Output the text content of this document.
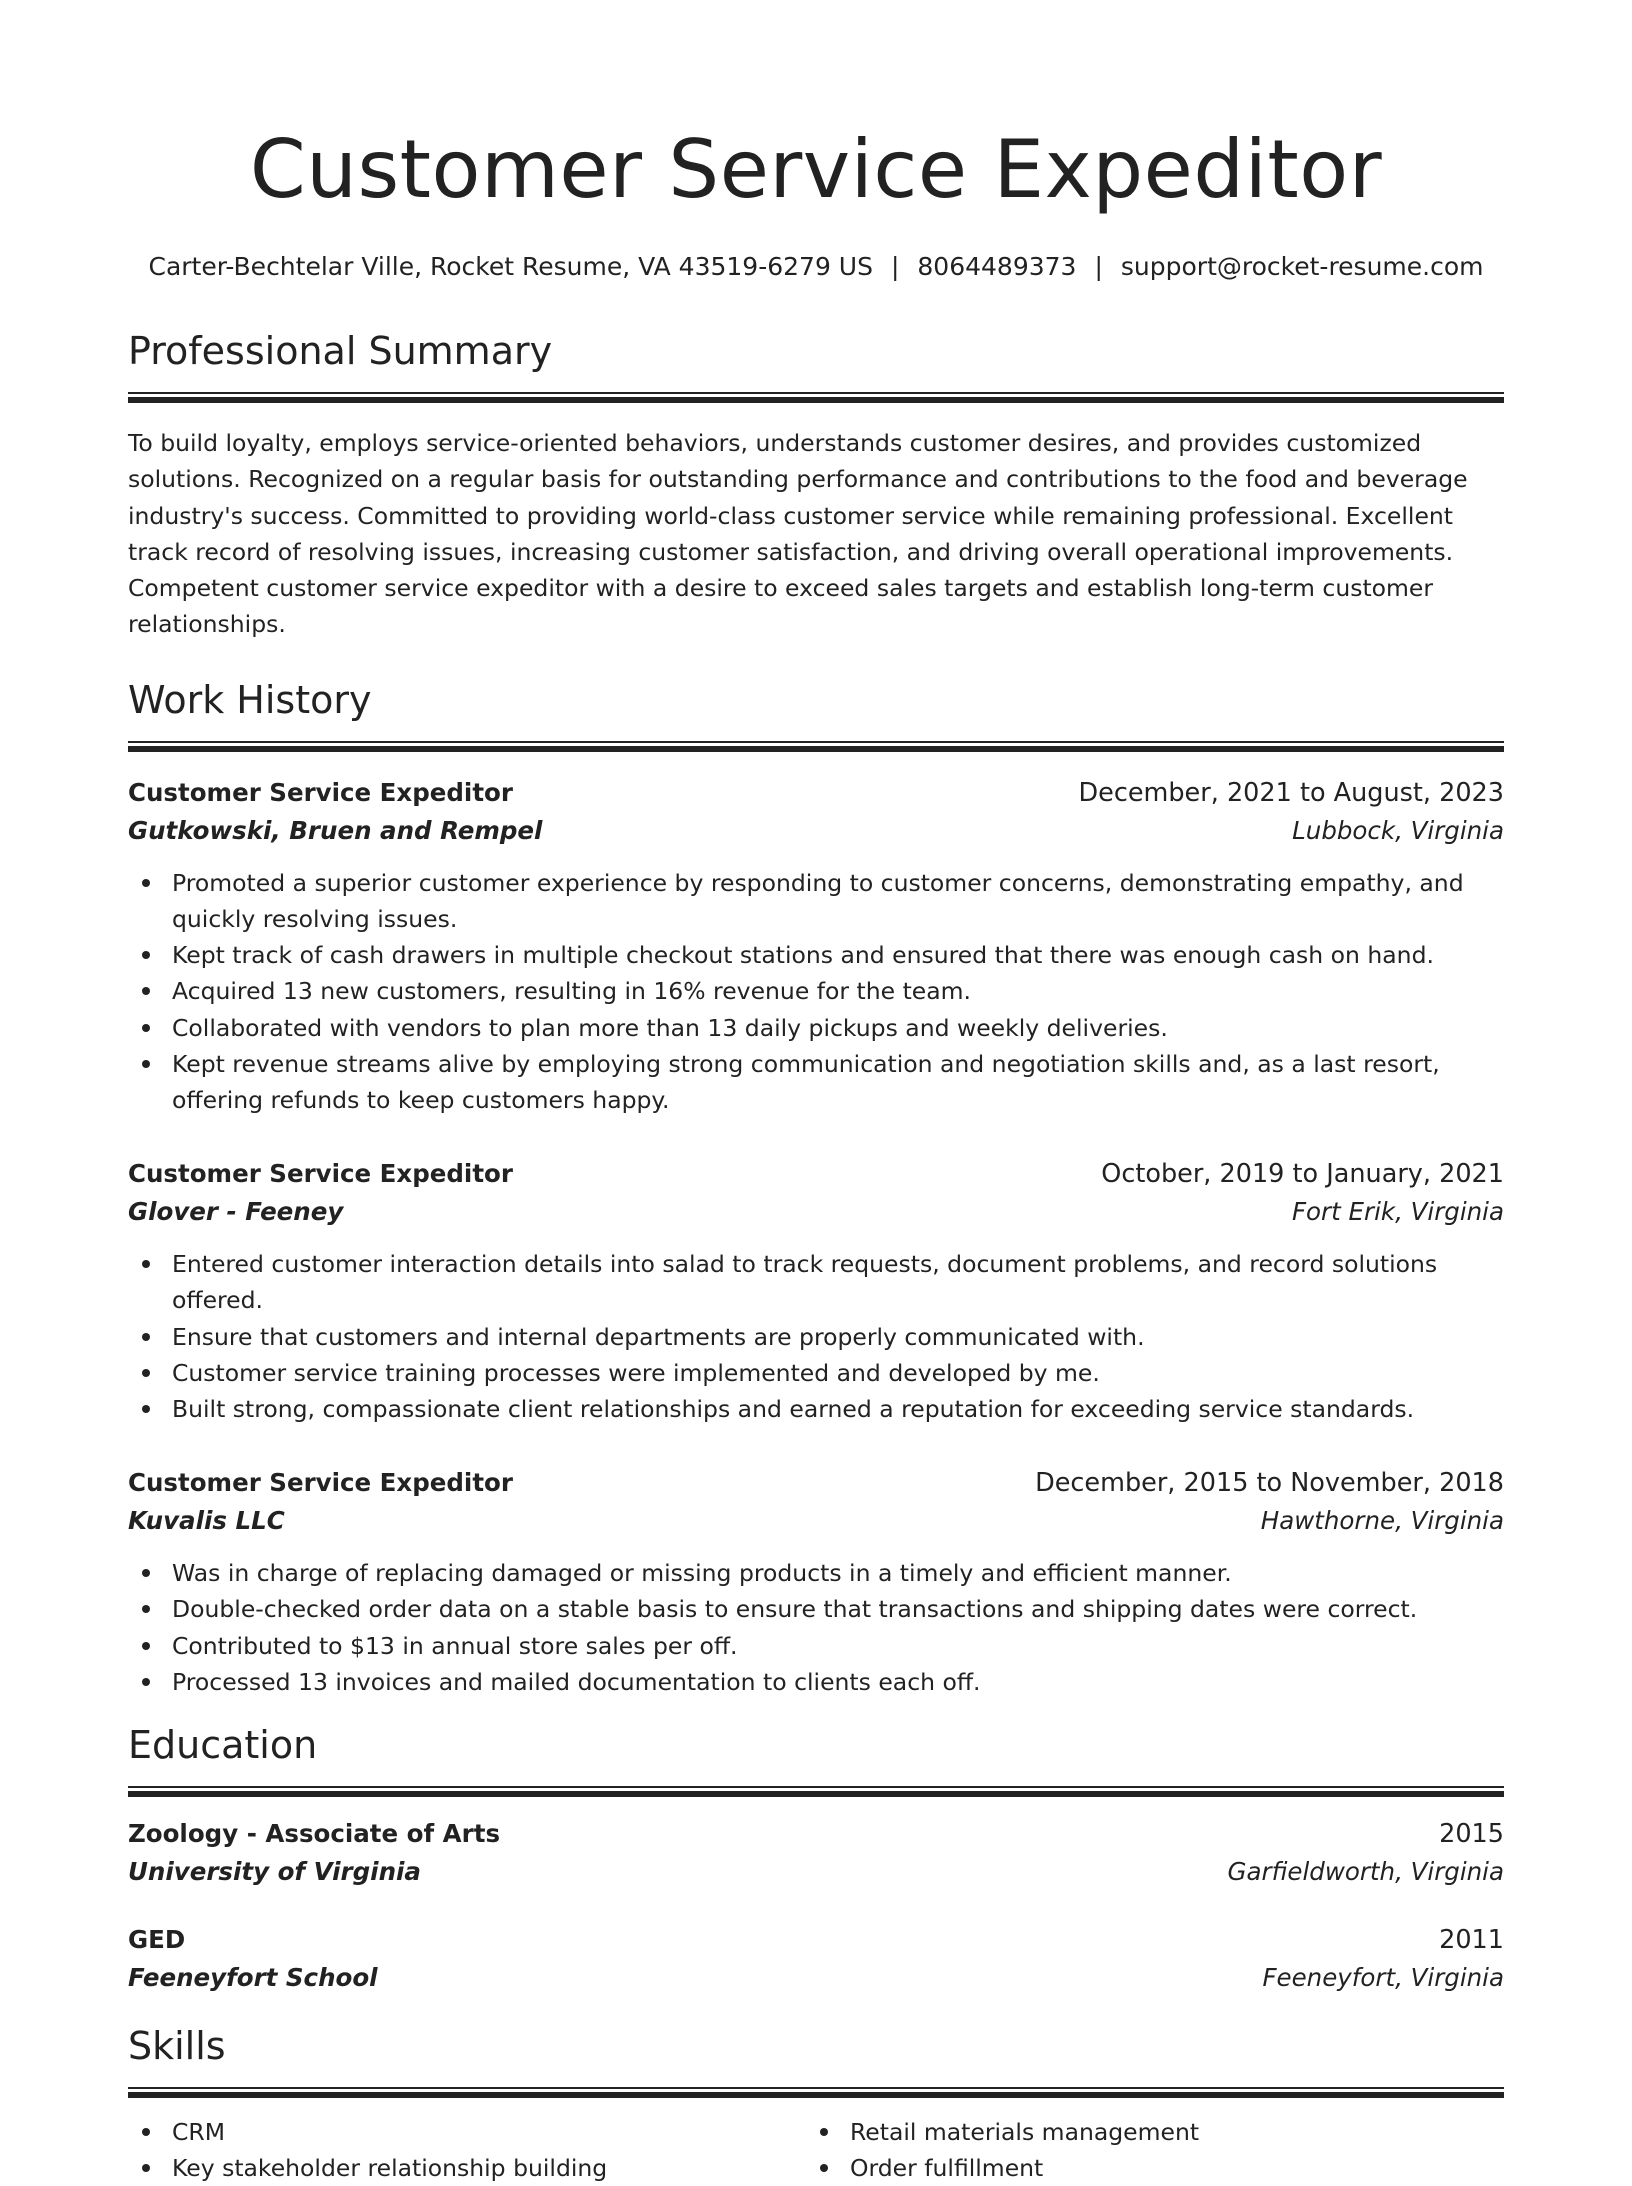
Customer Service Expeditor
Carter-Bechtelar Ville, Rocket Resume, VA 43519-6279 US | 8064489373 | support@rocket-resume.com
Professional Summary

To build loyalty, employs service-oriented behaviors, understands customer desires, and provides customized solutions. Recognized on a regular basis for outstanding performance and contributions to the food and beverage industry's success. Committed to providing world-class customer service while remaining professional. Excellent track record of resolving issues, increasing customer satisfaction, and driving overall operational improvements. Competent customer service expeditor with a desire to exceed sales targets and establish long-term customer relationships.

Work History
Customer Service Expeditor	December, 2021 to August, 2023
Gutkowski, Bruen and Rempel	Lubbock, Virginia
Promoted a superior customer experience by responding to customer concerns, demonstrating empathy, and quickly resolving issues.
Kept track of cash drawers in multiple checkout stations and ensured that there was enough cash on hand.
Acquired 13 new customers, resulting in 16% revenue for the team.
Collaborated with vendors to plan more than 13 daily pickups and weekly deliveries.
Kept revenue streams alive by employing strong communication and negotiation skills and, as a last resort, offering refunds to keep customers happy.
Customer Service Expeditor	October, 2019 to January, 2021
Glover - Feeney	Fort Erik, Virginia
Entered customer interaction details into salad to track requests, document problems, and record solutions offered.
Ensure that customers and internal departments are properly communicated with.
Customer service training processes were implemented and developed by me.
Built strong, compassionate client relationships and earned a reputation for exceeding service standards.
Customer Service Expeditor	December, 2015 to November, 2018
Kuvalis LLC	Hawthorne, Virginia
Was in charge of replacing damaged or missing products in a timely and efficient manner.
Double-checked order data on a stable basis to ensure that transactions and shipping dates were correct.
Contributed to $13 in annual store sales per off.
Processed 13 invoices and mailed documentation to clients each off.
Education
Zoology - Associate of Arts	2015
University of Virginia	Garfieldworth, Virginia
GED	2011
Feeneyfort School	Feeneyfort, Virginia
Skills
CRM
Key stakeholder relationship building
Retail materials management
Order fulfillment
